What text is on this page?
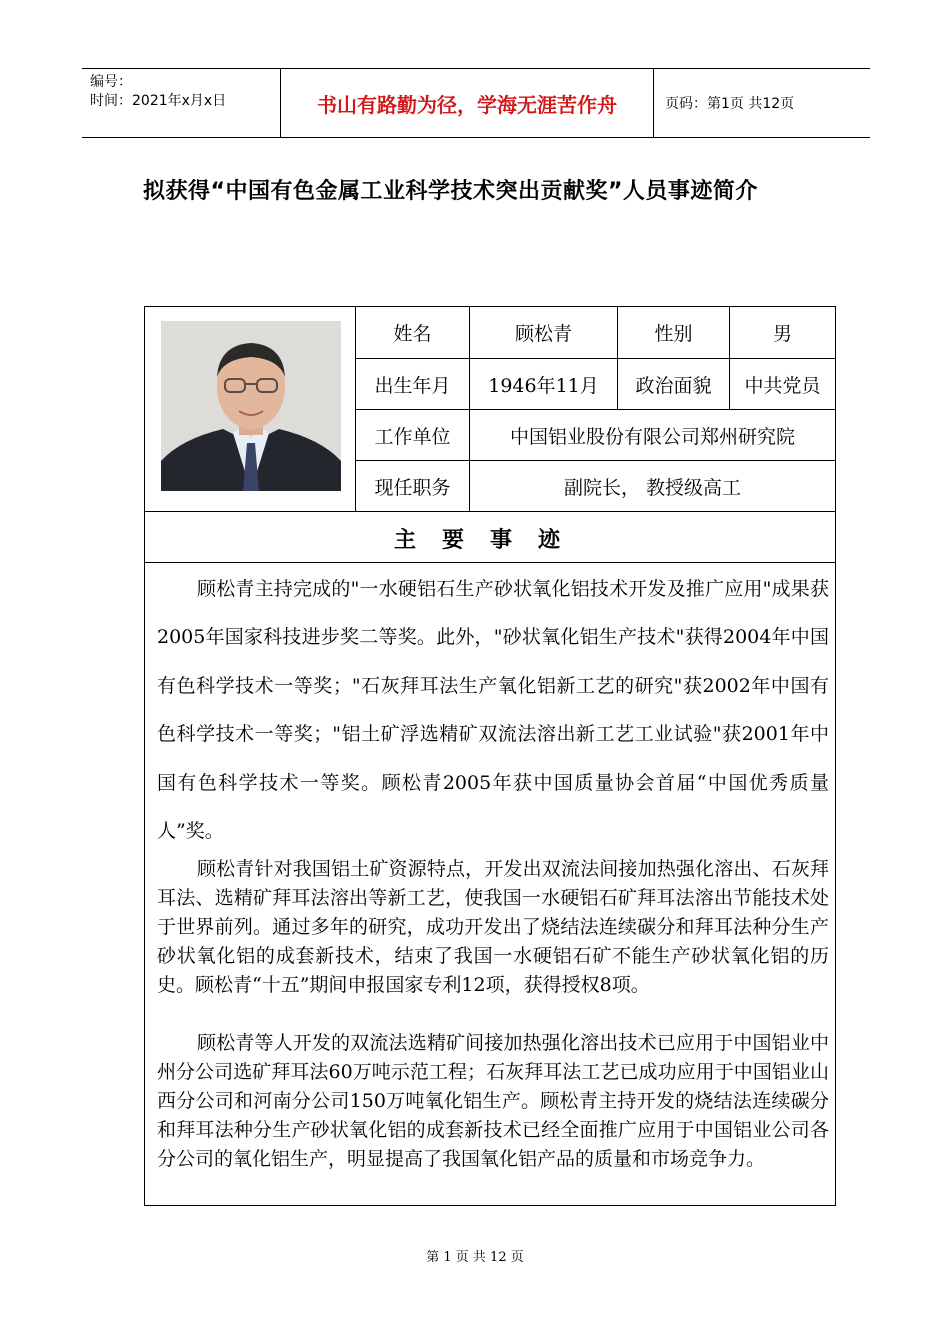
编号：
时间：2021年x月x日	书山有路勤为径，学海无涯苦作舟	页码：第1页 共12页
拟获得“中国有色金属工业科学技术突出贡献奖”人员事迹简介
姓名	顾松青	性别	男
出生年月	1946年11月	政治面貌	中共党员
工作单位	中国铝业股份有限公司郑州研究院
现任职务	副院长， 教授级高工
主要事迹
顾松青主持完成的"一水硬铝石生产砂状氧化铝技术开发及推广应用"成果获2005年国家科技进步奖二等奖。此外，"砂状氧化铝生产技术"获得2004年中国有色科学技术一等奖；"石灰拜耳法生产氧化铝新工艺的研究"获2002年中国有色科学技术一等奖；"铝土矿浮选精矿双流法溶出新工艺工业试验"获2001年中国有色科学技术一等奖。顾松青2005年获中国质量协会首届“中国优秀质量人”奖。
顾松青针对我国铝土矿资源特点，开发出双流法间接加热强化溶出、石灰拜耳法、选精矿拜耳法溶出等新工艺，使我国一水硬铝石矿拜耳法溶出节能技术处于世界前列。通过多年的研究，成功开发出了烧结法连续碳分和拜耳法种分生产砂状氧化铝的成套新技术，结束了我国一水硬铝石矿不能生产砂状氧化铝的历史。顾松青“十五”期间申报国家专利12项，获得授权8项。
顾松青等人开发的双流法选精矿间接加热强化溶出技术已应用于中国铝业中州分公司选矿拜耳法60万吨示范工程；石灰拜耳法工艺已成功应用于中国铝业山西分公司和河南分公司150万吨氧化铝生产。顾松青主持开发的烧结法连续碳分和拜耳法种分生产砂状氧化铝的成套新技术已经全面推广应用于中国铝业公司各分公司的氧化铝生产，明显提高了我国氧化铝产品的质量和市场竞争力。
第 1 页 共 12 页
